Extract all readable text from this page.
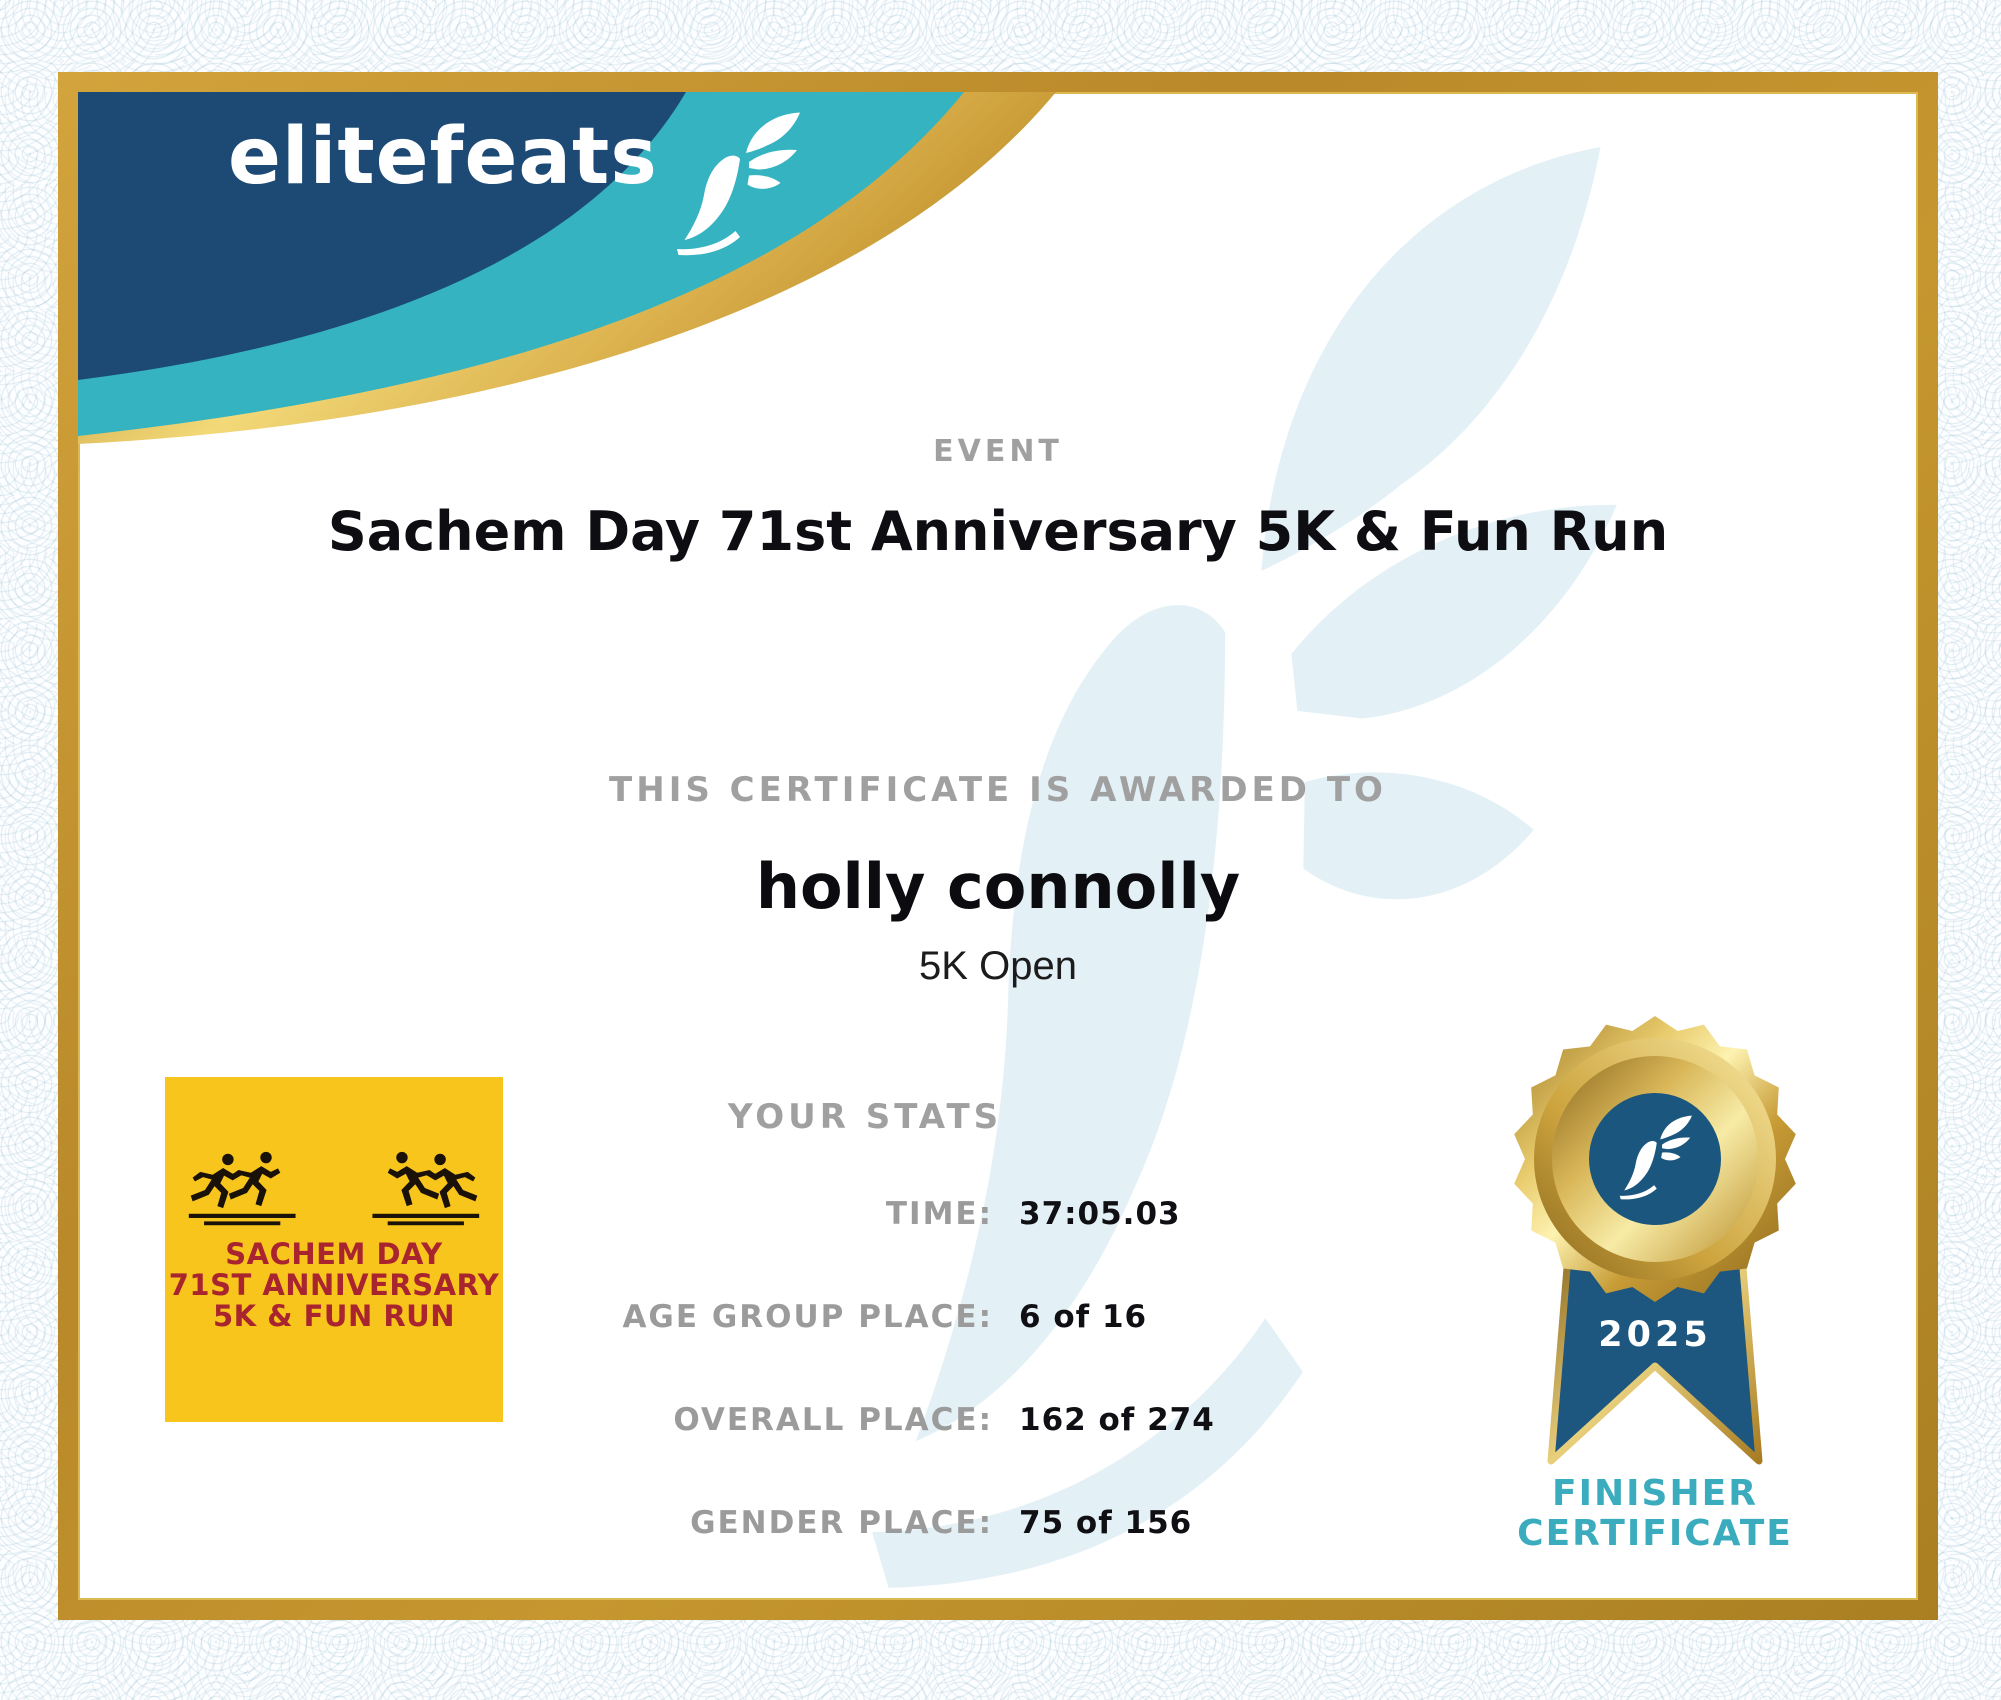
elitefeats
EVENT
Sachem Day 71st Anniversary 5K & Fun Run
THIS CERTIFICATE IS AWARDED TO
holly connolly
5K Open
YOUR STATS
TIME: 37:05.03
AGE GROUP PLACE: 6 of 16
OVERALL PLACE: 162 of 274
GENDER PLACE: 75 of 156
SACHEM DAY
71ST ANNIVERSARY
5K & FUN RUN	2025
FINISHER
CERTIFICATE
